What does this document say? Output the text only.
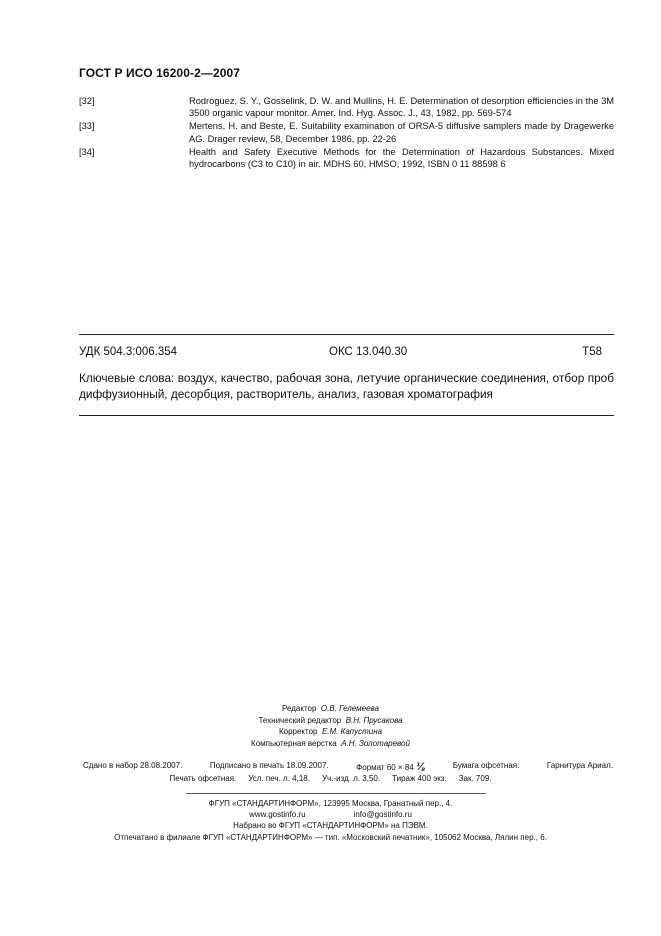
ГОСТ Р ИСО 16200-2—2007
[32]	Rodroguez, S. Y., Gosselink, D. W. and Mullins, H. E. Determination of desorption efficiencies in the 3M 3500 organic vapour monitor. Amer. Ind. Hyg. Assoc. J., 43, 1982, pp. 569-574
[33]	Mertens, H. and Beste, E. Suitability examination of ORSA-5 diffusive samplers made by Dragewerke AG. Drager review, 58, December 1986, pp. 22-26
[34]	Health and Safety Executive Methods for the Determination of Hazardous Substances. Mixed hydrocarbons (C3 to C10) in air. MDHS 60, HMSO, 1992, ISBN 0 11 88598 6
УДК 504.3:006.354	ОКС 13.040.30	Т58
Ключевые слова: воздух, качество, рабочая зона, летучие органические соединения, отбор проб диффузионный, десорбция, растворитель, анализ, газовая хроматография
Редактор О.В. Гелемеева
Технический редактор В.Н. Прусакова
Корректор Е.М. Капустина
Компьютерная верстка А.Н. Золотаревой
Сдано в набор 28.08.2007.	Подписано в печать 18.09.2007.	Формат 60 × 84 ⅛	Бумага офсетная.	Гарнитура Ариал.
Печать офсетная. Усл. печ. л. 4,18. Уч.-изд. л. 3,50. Тираж 400 экз. Зак. 709.
ФГУП «СТАНДАРТИНФОРМ», 123995 Москва, Гранатный пер., 4.
www.gostinfo.ru	info@gostinfo.ru
Набрано во ФГУП «СТАНДАРТИНФОРМ» на ПЭВМ.
Отпечатано в филиале ФГУП «СТАНДАРТИНФОРМ» — тип. «Московский печатник», 105062 Москва, Лялин пер., 6.
